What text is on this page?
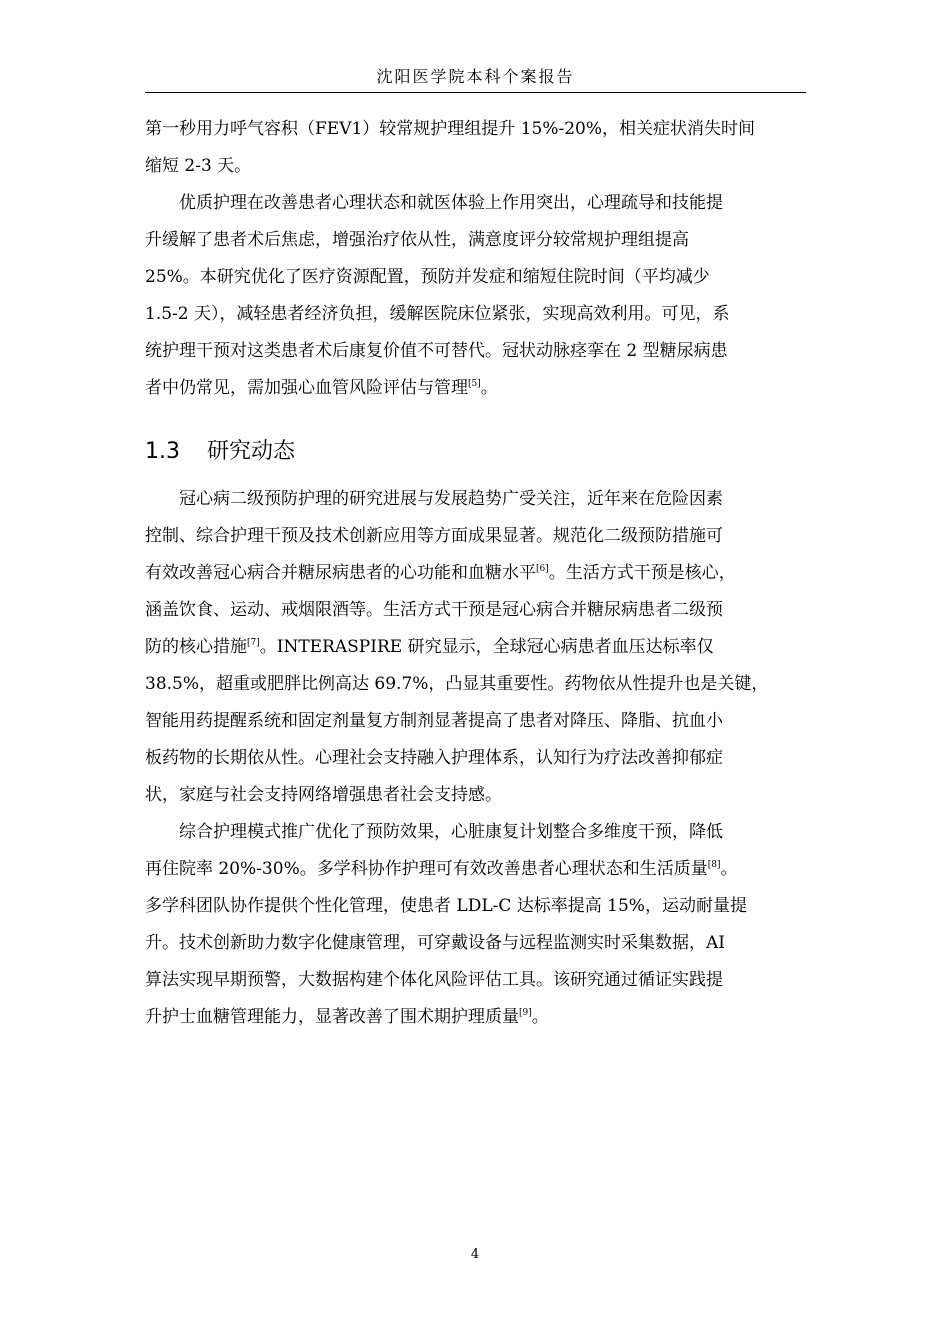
沈阳医学院本科个案报告
第一秒用力呼气容积（FEV1）较常规护理组提升 15%-20%，相关症状消失时间
缩短 2-3 天。
优质护理在改善患者心理状态和就医体验上作用突出，心理疏导和技能提
升缓解了患者术后焦虑，增强治疗依从性，满意度评分较常规护理组提高
25%。本研究优化了医疗资源配置，预防并发症和缩短住院时间（平均减少
1.5-2 天），减轻患者经济负担，缓解医院床位紧张，实现高效利用。可见，系
统护理干预对这类患者术后康复价值不可替代。冠状动脉痉挛在 2 型糖尿病患
者中仍常见，需加强心血管风险评估与管理[5]。
1.3 研究动态
冠心病二级预防护理的研究进展与发展趋势广受关注，近年来在危险因素
控制、综合护理干预及技术创新应用等方面成果显著。规范化二级预防措施可
有效改善冠心病合并糖尿病患者的心功能和血糖水平[6]。生活方式干预是核心，
涵盖饮食、运动、戒烟限酒等。生活方式干预是冠心病合并糖尿病患者二级预
防的核心措施[7]。INTERASPIRE 研究显示，全球冠心病患者血压达标率仅
38.5%，超重或肥胖比例高达 69.7%，凸显其重要性。药物依从性提升也是关键，
智能用药提醒系统和固定剂量复方制剂显著提高了患者对降压、降脂、抗血小
板药物的长期依从性。心理社会支持融入护理体系，认知行为疗法改善抑郁症
状，家庭与社会支持网络增强患者社会支持感。
综合护理模式推广优化了预防效果，心脏康复计划整合多维度干预，降低
再住院率 20%-30%。多学科协作护理可有效改善患者心理状态和生活质量[8]。
多学科团队协作提供个性化管理，使患者 LDL-C 达标率提高 15%，运动耐量提
升。技术创新助力数字化健康管理，可穿戴设备与远程监测实时采集数据，AI
算法实现早期预警，大数据构建个体化风险评估工具。该研究通过循证实践提
升护士血糖管理能力，显著改善了围术期护理质量[9]。
4
